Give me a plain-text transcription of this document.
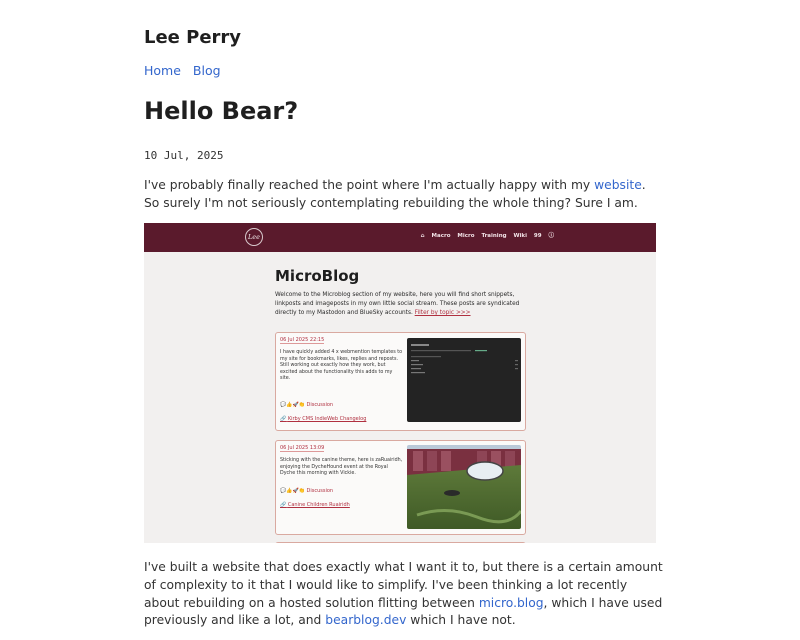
Lee Perry
Home Blog
Hello Bear?
10 Jul, 2025

I've probably finally reached the point where I'm actually happy with my website. So surely I'm not seriously contemplating rebuilding the whole thing? Sure I am.

Lee	⌂ Macro Micro Training Wiki 99 ⓘ
MicroBlog

Welcome to the Microblog section of my website, here you will find short snippets, linkposts and imageposts in my own little social stream. These posts are syndicated directly to my Mastodon and BlueSky accounts. Filter by topic >>>

06 Jul 2025 22:15
I have quickly added 4 x webmention templates to my site for bookmarks, likes, replies and reposts. Still working out exactly how they work, but excited about the functionality this adds to my site.
💬👍🚀👏 Discussion
🔗 Kirby CMS IndieWeb Changelog
06 Jul 2025 13:09
Sticking with the canine theme, here is zaRuairidh, enjoying the DycheHound event at the Royal Dyche this morning with Vickie.
💬👍🚀👏 Discussion
🔗 Canine Children Ruairidh

I've built a website that does exactly what I want it to, but there is a certain amount of complexity to it that I would like to simplify. I've been thinking a lot recently about rebuilding on a hosted solution flitting between micro.blog, which I have used previously and like a lot, and bearblog.dev which I have not.
